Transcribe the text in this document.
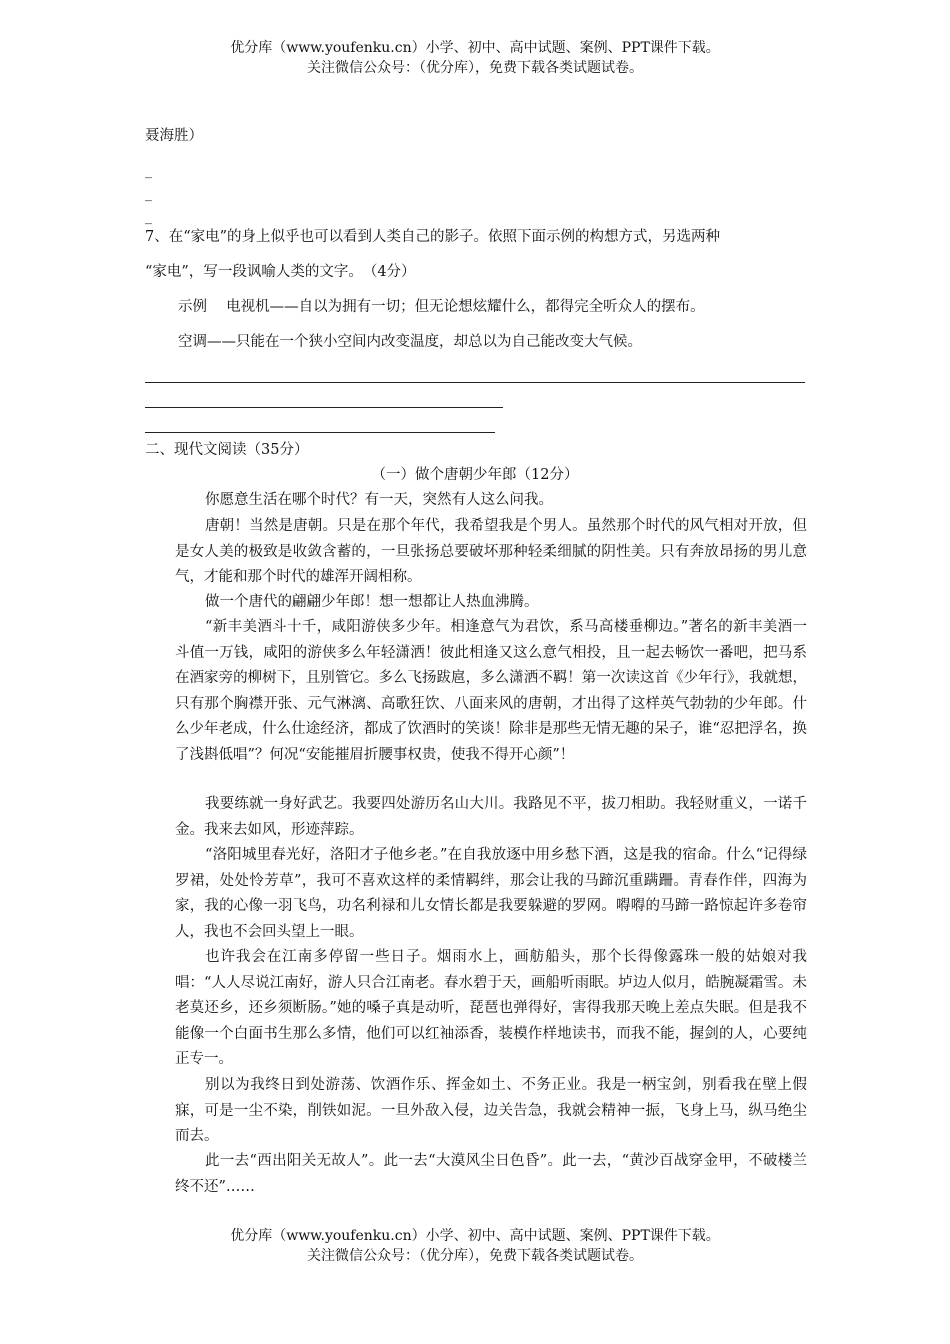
优分库（www.youfenku.cn）小学、初中、高中试题、案例、PPT课件下载。
关注微信公众号：（优分库），免费下载各类试题试卷。
聂海胜）
_
_
_
7、在“家电”的身上似乎也可以看到人类自己的影子。依照下面示例的构想方式，另选两种
“家电”，写一段讽喻人类的文字。　（4分）
示例　 电视机——自以为拥有一切；但无论想炫耀什么，都得完全听众人的摆布。
空调——只能在一个狭小空间内改变温度，却总以为自己能改变大气候。
二、现代文阅读（35分）
（一）做个唐朝少年郎（12分）
你愿意生活在哪个时代？有一天，突然有人这么问我。
唐朝！当然是唐朝。只是在那个年代，我希望我是个男人。虽然那个时代的风气相对开放，但是女人美的极致是收敛含蓄的，一旦张扬总要破坏那种轻柔细腻的阴性美。只有奔放昂扬的男儿意气，才能和那个时代的雄浑开阔相称。
做一个唐代的翩翩少年郎！想一想都让人热血沸腾。
“新丰美酒斗十千，咸阳游侠多少年。相逢意气为君饮，系马高楼垂柳边。”著名的新丰美酒一斗值一万钱，咸阳的游侠多么年轻潇洒！彼此相逢又这么意气相投，且一起去畅饮一番吧，把马系在酒家旁的柳树下，且别管它。多么飞扬跋扈，多么潇洒不羁！第一次读这首《少年行》，我就想，只有那个胸襟开张、元气淋漓、高歌狂饮、八面来风的唐朝，才出得了这样英气勃勃的少年郎。什么少年老成，什么仕途经济，都成了饮酒时的笑谈！除非是那些无情无趣的呆子，谁“忍把浮名，换了浅斟低唱”？何况“安能摧眉折腰事权贵，使我不得开心颜”！
我要练就一身好武艺。我要四处游历名山大川。我路见不平，拔刀相助。我轻财重义，一诺千金。我来去如风，形迹萍踪。
“洛阳城里春光好，洛阳才子他乡老。”在自我放逐中用乡愁下酒，这是我的宿命。什么“记得绿罗裙，处处怜芳草”，我可不喜欢这样的柔情羁绊，那会让我的马蹄沉重蹒跚。青春作伴，四海为家，我的心像一羽飞鸟，功名利禄和儿女情长都是我要躲避的罗网。嘚嘚的马蹄一路惊起许多卷帘人，我也不会回头望上一眼。
也许我会在江南多停留一些日子。烟雨水上，画舫船头，那个长得像露珠一般的姑娘对我唱：“人人尽说江南好，游人只合江南老。春水碧于天，画船听雨眠。垆边人似月，皓腕凝霜雪。未老莫还乡，还乡须断肠。”她的嗓子真是动听，琵琶也弹得好，害得我那天晚上差点失眠。但是我不能像一个白面书生那么多情，他们可以红袖添香，装模作样地读书，而我不能，握剑的人，心要纯正专一。
别以为我终日到处游荡、饮酒作乐、挥金如土、不务正业。我是一柄宝剑，别看我在壁上假寐，可是一尘不染，削铁如泥。一旦外敌入侵，边关告急，我就会精神一振，飞身上马，纵马绝尘而去。
此一去“西出阳关无故人”。此一去“大漠风尘日色昏”。此一去，“黄沙百战穿金甲，不破楼兰终不还”……
优分库（www.youfenku.cn）小学、初中、高中试题、案例、PPT课件下载。
关注微信公众号：（优分库），免费下载各类试题试卷。
